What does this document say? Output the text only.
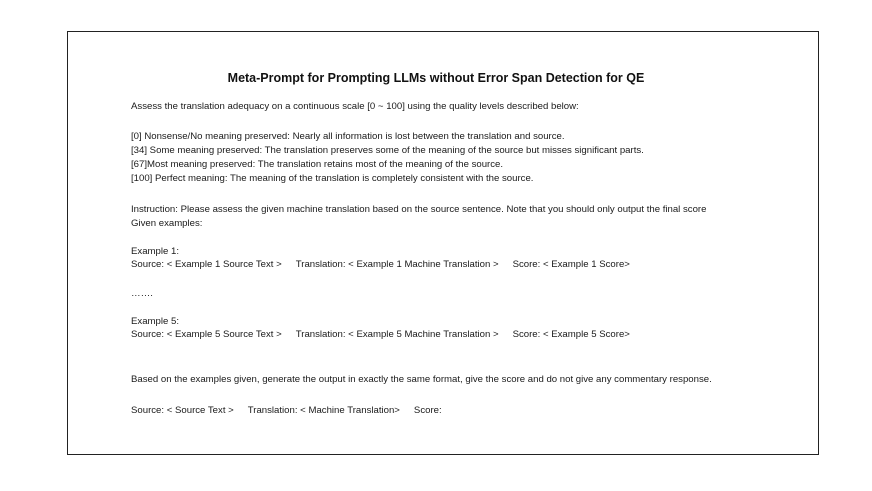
Meta-Prompt for Prompting LLMs without Error Span Detection for QE

Assess the translation adequacy on a continuous scale [0 ~ 100] using the quality levels described below:

[0] Nonsense/No meaning preserved: Nearly all information is lost between the translation and source.

[34] Some meaning preserved: The translation preserves some of the meaning of the source but misses significant parts.

[67]Most meaning preserved: The translation retains most of the meaning of the source.

[100] Perfect meaning: The meaning of the translation is completely consistent with the source.

Instruction: Please assess the given machine translation based on the source sentence. Note that you should only output the final score

Given examples:

Example 1:

Source: < Example 1 Source Text > Translation: < Example 1 Machine Translation > Score: < Example 1 Score>

…….

Example 5:

Source: < Example 5 Source Text > Translation: < Example 5 Machine Translation > Score: < Example 5 Score>

Based on the examples given, generate the output in exactly the same format, give the score and do not give any commentary response.

Source: < Source Text > Translation: < Machine Translation> Score:
